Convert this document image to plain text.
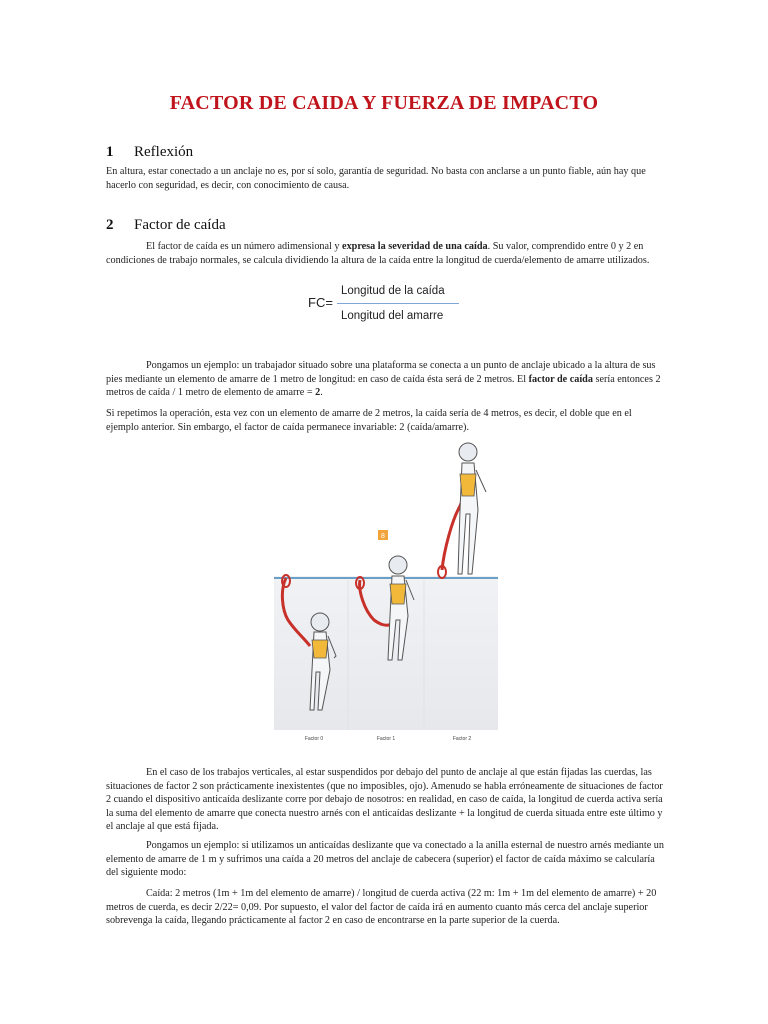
FACTOR DE CAIDA Y FUERZA DE IMPACTO
1 Reflexión
En altura, estar conectado a un anclaje no es, por sí solo, garantía de seguridad. No basta con anclarse a un punto fiable, aún hay que hacerlo con seguridad, es decir, con conocimiento de causa.
2 Factor de caída
El factor de caída es un número adimensional y expresa la severidad de una caída. Su valor, comprendido entre 0 y 2 en condiciones de trabajo normales, se calcula dividiendo la altura de la caída entre la longitud de cuerda/elemento de amarre utilizados.
FC=
Longitud de la caída
Longitud del amarre
Pongamos un ejemplo: un trabajador situado sobre una plataforma se conecta a un punto de anclaje ubicado a la altura de sus pies mediante un elemento de amarre de 1 metro de longitud: en caso de caída ésta será de 2 metros. El factor de caída sería entonces 2 metros de caída / 1 metro de elemento de amarre = 2.
Si repetimos la operación, esta vez con un elemento de amarre de 2 metros, la caída sería de 4 metros, es decir, el doble que en el ejemplo anterior. Sin embargo, el factor de caída permanece invariable: 2 (caída/amarre).
8
Factor 0	Factor 1	Factor 2
En el caso de los trabajos verticales, al estar suspendidos por debajo del punto de anclaje al que están fijadas las cuerdas, las situaciones de factor 2 son prácticamente inexistentes (que no imposibles, ojo). Amenudo se habla erróneamente de situaciones de factor 2 cuando el dispositivo anticaída deslizante corre por debajo de nosotros: en realidad, en caso de caída, la longitud de cuerda activa sería la suma del elemento de amarre que conecta nuestro arnés con el anticaídas deslizante + la longitud de cuerda situada entre este último y el anclaje al que está fijada.
Pongamos un ejemplo: si utilizamos un anticaídas deslizante que va conectado a la anilla esternal de nuestro arnés mediante un elemento de amarre de 1 m y sufrimos una caída a 20 metros del anclaje de cabecera (superior) el factor de caída máximo se calcularía del siguiente modo:
Caída: 2 metros (1m + 1m del elemento de amarre) / longitud de cuerda activa (22 m: 1m + 1m del elemento de amarre) + 20 metros de cuerda, es decir 2/22= 0,09. Por supuesto, el valor del factor de caída irá en aumento cuanto más cerca del anclaje superior sobrevenga la caída, llegando prácticamente al factor 2 en caso de encontrarse en la parte superior de la cuerda.
